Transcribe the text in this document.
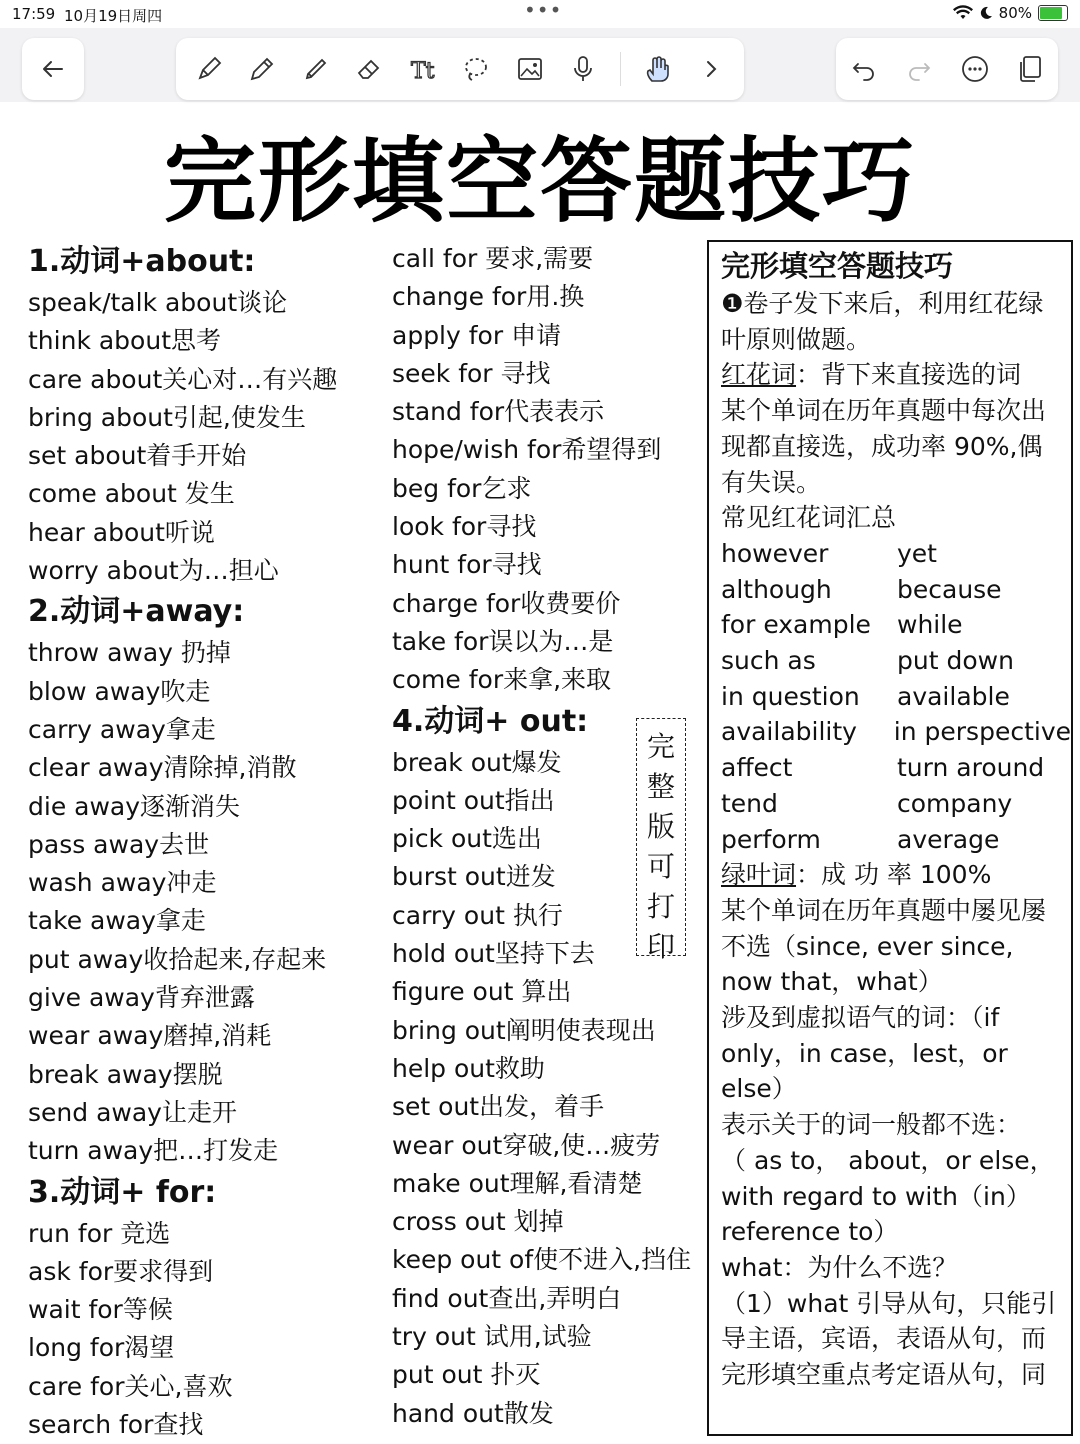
17:59 10月19日周四	•••	80%
Tt
完形填空答题技巧
1.动词+about:
speak/talk about谈论
think about思考
care about关心对…有兴趣
bring about引起,使发生
set about着手开始
come about 发生
hear about听说
worry about为…担心
2.动词+away:
throw away 扔掉
blow away吹走
carry away拿走
clear away清除掉,消散
die away逐渐消失
pass away去世
wash away冲走
take away拿走
put away收拾起来,存起来
give away背弃泄露
wear away磨掉,消耗
break away摆脱
send away让走开
turn away把…打发走
3.动词+ for:
run for 竞选
ask for要求得到
wait for等候
long for渴望
care for关心,喜欢
search for查找
call for 要求,需要
change for用.换
apply for 申请
seek for 寻找
stand for代表表示
hope/wish for希望得到
beg for乞求
look for寻找
hunt for寻找
charge for收费要价
take for误以为…是
come for来拿,来取
4.动词+ out:
break out爆发
point out指出
pick out选出
burst out迸发
carry out 执行
hold out坚持下去
figure out 算出
bring out阐明使表现出
help out救助
set out出发，着手
wear out穿破,使…疲劳
make out理解,看清楚
cross out 划掉
keep out of使不进入,挡住
find out查出,弄明白
try out 试用,试验
put out 扑灭
hand out散发
完
整
版
可
打
印
完形填空答题技巧
❶卷子发下来后，利用红花绿
叶原则做题。
红花词：背下来直接选的词
某个单词在历年真题中每次出
现都直接选，成功率 90%,偶
有失误。
常见红花词汇总
however	yet
although	because
for example	while
such as	put down
in question	available
availability	in perspective
affect	turn around
tend	company
perform	average
绿叶词：成 功 率 100%
某个单词在历年真题中屡见屡
不选（since, ever since,
now that，what）
涉及到虚拟语气的词：（if
only，in case，lest，or
else）
表示关于的词一般都不选：
（ as to， about，or else，
with regard to with（in）
reference to）
what：为什么不选？
（1）what 引导从句，只能引
导主语，宾语，表语从句，而
完形填空重点考定语从句，同
